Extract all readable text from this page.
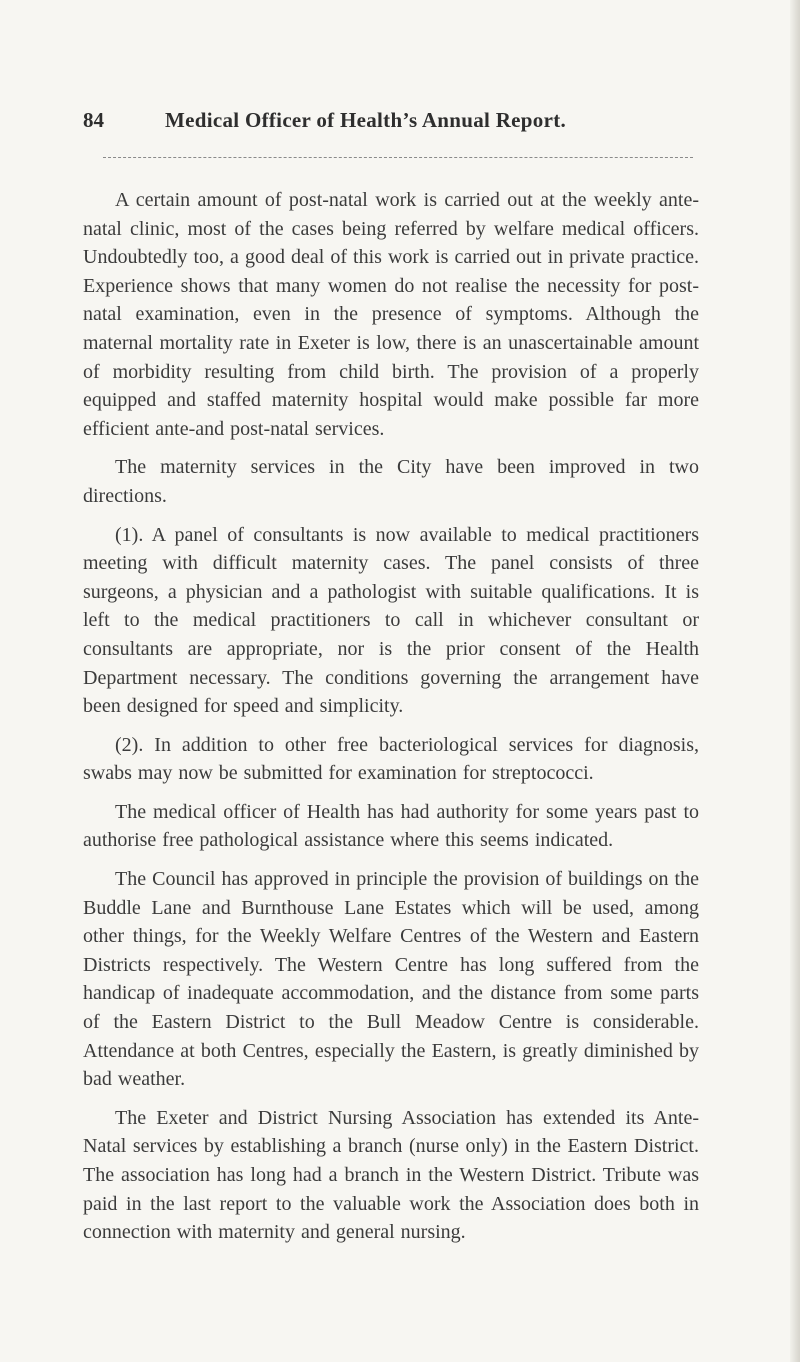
84	Medical Officer of Health’s Annual Report.

A certain amount of post-natal work is carried out at the weekly ante-natal clinic, most of the cases being referred by welfare medical officers. Undoubtedly too, a good deal of this work is carried out in private practice. Experience shows that many women do not realise the necessity for post-natal examination, even in the presence of symptoms. Although the maternal mortality rate in Exeter is low, there is an unascertainable amount of morbidity resulting from child birth. The provision of a properly equipped and staffed maternity hospital would make possible far more efficient ante-and post-natal services.

The maternity services in the City have been improved in two directions.

(1). A panel of consultants is now available to medical practitioners meeting with difficult maternity cases. The panel consists of three surgeons, a physician and a pathologist with suitable qualifications. It is left to the medical practitioners to call in whichever consultant or consultants are appropriate, nor is the prior consent of the Health Department necessary. The conditions governing the arrangement have been designed for speed and simplicity.

(2). In addition to other free bacteriological services for diagnosis, swabs may now be submitted for examination for streptococci.

The medical officer of Health has had authority for some years past to authorise free pathological assistance where this seems indicated.

The Council has approved in principle the provision of buildings on the Buddle Lane and Burnthouse Lane Estates which will be used, among other things, for the Weekly Welfare Centres of the Western and Eastern Districts respectively. The Western Centre has long suffered from the handicap of inadequate accommodation, and the distance from some parts of the Eastern District to the Bull Meadow Centre is considerable. Attendance at both Centres, especially the Eastern, is greatly diminished by bad weather.

The Exeter and District Nursing Association has extended its Ante-Natal services by establishing a branch (nurse only) in the Eastern District. The association has long had a branch in the Western District. Tribute was paid in the last report to the valuable work the Association does both in connection with maternity and general nursing.
